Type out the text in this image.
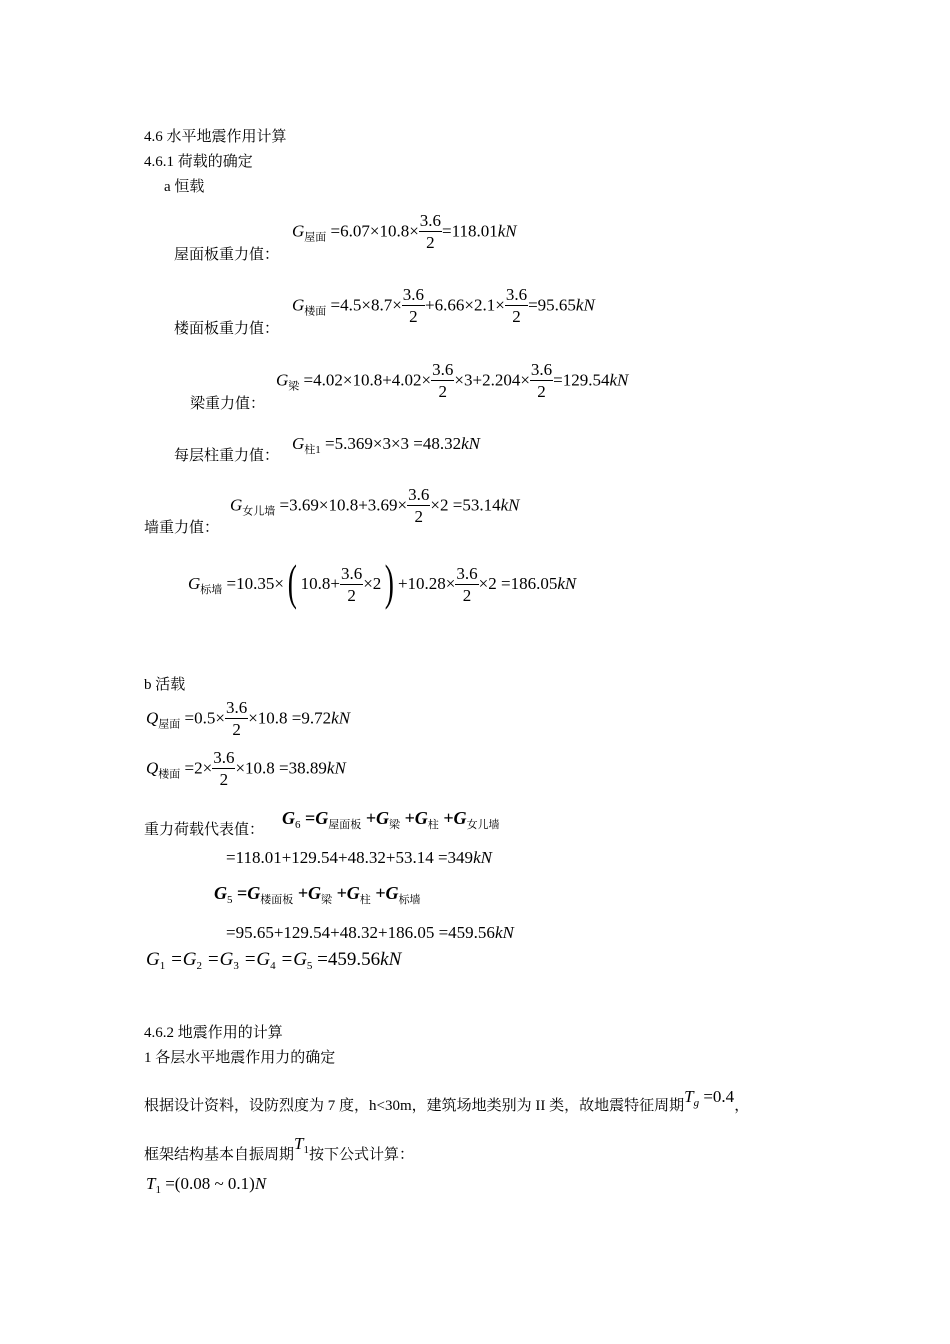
4.6 水平地震作用计算
4.6.1 荷载的确定
a 恒载
屋面板重力值：
$G_{屋面} =6.07\times 10.8\times \frac{3.6}{2} =118.01kN$
楼面板重力值：
$G_{楼面} =4.5\times 8.7\times \frac{3.6}{2} +6.66\times 2.1\times \frac{3.6}{2} =95.65kN$
梁重力值：
$G_梁 =4.02\times 10.8+4.02\times \frac{3.6}{2} \times 3+2.204\times \frac{3.6}{2} =129.54kN$
每层柱重力值：
$G_{柱1} =5.369\times 3\times 3 =48.32kN$
墙重力值：
$G_{女儿墙} =3.69\times 10.8+3.69\times \frac{3.6}{2} \times 2 =53.14kN$
$G_{标墙} =10.35\times$( $10.8+ \frac{3.6}{2} \times 2) +10.28\times \frac{3.6}{2} \times 2 =186.05kN$
b 活载
$Q_{屋面} =0.5\times \frac{3.6}{2} \times 10.8 =9.72kN$
$Q_{楼面} =2\times \frac{3.6}{2} \times 10.8 =38.89kN$
重力荷载代表值：
$G_6 =G_{屋面板} +G_梁 +G_柱 +G_{女儿墙}$
=118.01+129.54+48.32+53.14 =349kN
$G_5 =G_{楼面板} +G_梁 +G_柱 +G_{标墙}$
=95.65+129.54+48.32+186.05 =459.56kN
$G_1 =G_2 =G_3 =G_4 =G_5 =459.56kN$
4.6.2 地震作用的计算
1 各层水平地震作用力的确定
根据设计资料，设防烈度为 7 度，h<30m，建筑场地类别为 II 类，故地震特征周期$T_g =0.4$，
框架结构基本自振周期$T_1$按下公式计算：
$T_1 =(0.08$ ~ 0.1)N
